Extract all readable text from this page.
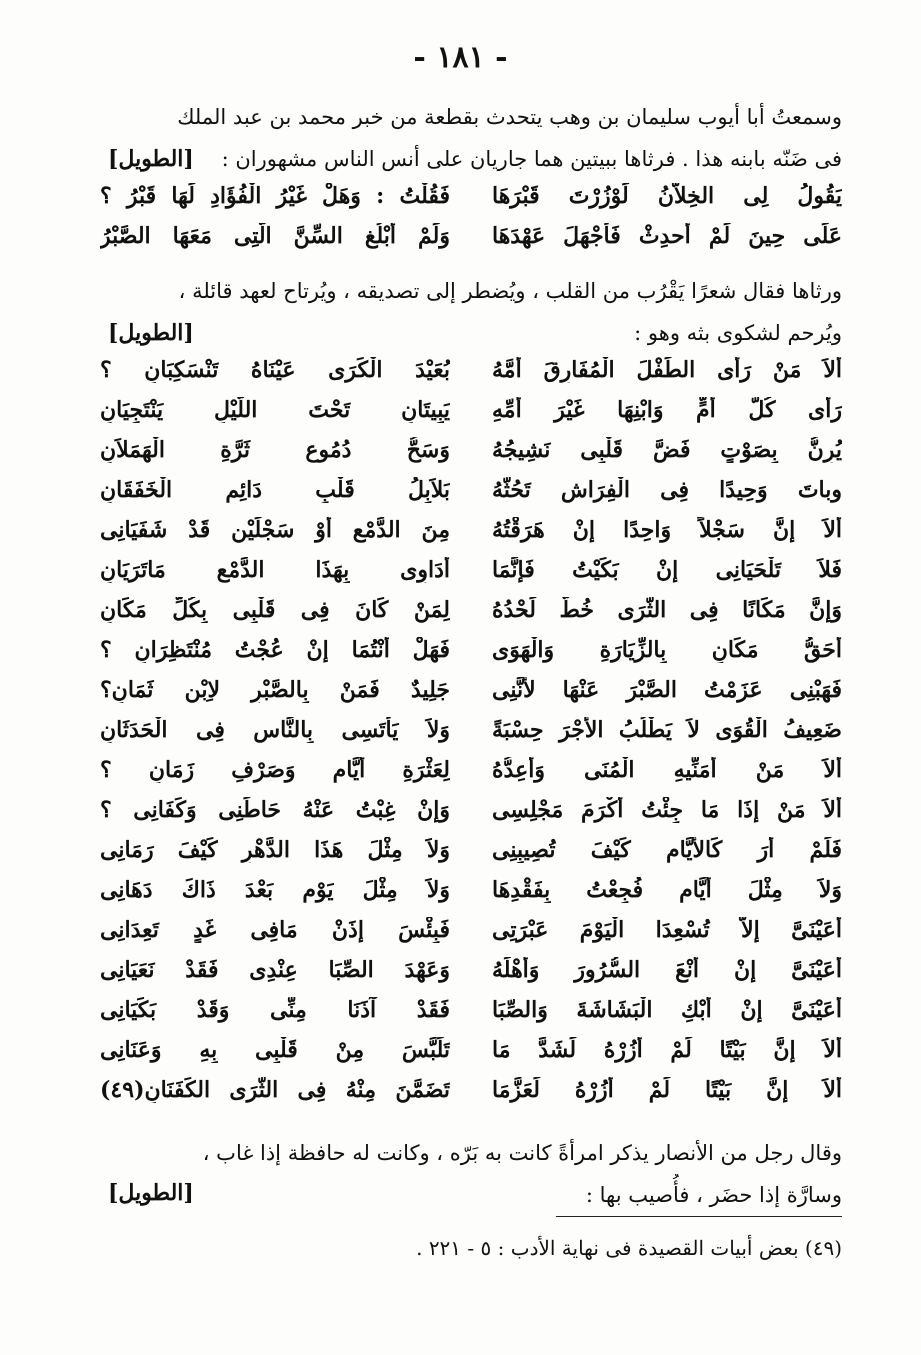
- ١٨١ -
وسمعتُ أبا أيوب سليمان بن وهب يتحدث بقطعة من خبر محمد بن عبد الملك
فى ضَنّه بابنه هذا . فرثاها ببيتين هما جاريان على أنس الناس مشهوران :
[الطويل]
يَقُولُ لِى الخِلاّنُ لَوْزُرْتَ قَبْرَهَا
فَقُلْتُ : وَهَلْ غَيْرُ الْفُؤَادِ لَهَا قَبْرُ ؟
عَلَى حِينَ لَمْ أُحدِثْ فَأَجْهَلَ عَهْدَهَا
وَلَمْ أَبْلُغِ السِّنَّ الَّتِى مَعَهَا الصَّبْرُ
ورثاها فقال شعرًا يَقْرُب من القلب ، ويُضطر إلى تصديقه ، ويُرتاح لعهد قائلة ،
ويُرحم لشكوى بثه وهو :
[الطويل]
أَلاَ مَنْ رَأَى الطِّفْلَ الْمُفَارِقَ أُمَّهُ
بُعَيْدَ الْكَرَى عَيْنَاهُ تَنْسَكِبَانِ ؟
رَأَى كُلَّ أُمٍّ وَابْنِهَا غَيْرَ أُمِّهِ
يَبِيتَانِ تَحْتَ اللَّيْلِ يَنْتَجِيَانِ
يُرِنُّ بِصَوْتٍ فَضَّ قَلْبِى نَشِيجُهُ
وَسَحُّ دُمُوعٍ ثَرَّةِ الْهَمَلاَنِ
وباتَ وَحِيدًا فِى الْفِرَاشِ تَحُثُّهُ
بَلاَبِلُ قَلْبٍ دَائِمِ الْخَفَقَانِ
أَلاَ إِنَّ سَجْلاً وَاحِدًا إِنْ هَرَقْتُهُ
مِنَ الدَّمْعِ أَوْ سَجْلَيْنِ قَدْ شَفَيَانِى
فَلاَ تَلْحَيَانِى إِنْ بَكَيْتُ فَإِنَّمَا
أُدَاوِى بِهَذَا الدَّمْعِ مَاتَرَيَانِ
وَإِنَّ مَكَانًا فِى الثَّرَى خُطَّ لَحْدُهُ
لِمَنْ كَانَ فِى قَلْبِى بِكُلِّ مَكَانِ
أَحَقُّ مَكَانٍ بِالزِّيَارَةِ وَالْهَوَى
فَهَلْ أَنْتُمَا إِنْ عُجْتُ مُنْتَظِرَانِ ؟
فَهَبْنِى عَزَمْتُ الصَّبْرَ عَنْهَا لأَنَّنِى
جَلِيدٌ فَمَنْ بِالصَّبْرِ لاِبْنِ ثَمَانِ؟
ضَعِيفُ الْقُوَى لاَ يَطْلُبُ الأَجْرَ حِسْبَةً
وَلاَ يَأْتَسِى بِالنَّاسِ فِى الْحَدَثَانِ
أَلاَ مَنْ أُمَنِّيهِ الْمُنَى وَأُعِدُّهُ
لِعَثْرَةِ أَيَّامٍ وَصَرْفِ زَمَانِ ؟
أَلاَ مَنْ إِذَا مَا جِئْتُ أَكْرَمَ مَجْلِسِى
وَإِنْ غِبْتُ عَنْهُ حَاطَنِى وَكَفَانِى ؟
فَلَمْ أَرَ كَالأَيَّامِ كَيْفَ تُصِيبِنِى
وَلاَ مِثْلَ هَذَا الدَّهْرِ كَيْفَ رَمَانِى
وَلاَ مِثْلَ أَيَّامٍ فُجِعْتُ بِفَقْدِهَا
وَلاَ مِثْلَ يَوْمٍ بَعْدَ ذَاكَ دَهَانِى
أَعَيْنَىَّ إِلاَّ تُسْعِدَا الْيَوْمَ عَبْرَتِى
فَبِئْسَ إِذَنْ مَافِى غَدٍ تَعِدَانِى
أَعَيْنَىَّ إِنْ أَنْعَ السُّرُورَ وَأَهْلَهُ
وَعَهْدَ الصِّبَا عِنْدِى فَقَدْ نَعَيَانِى
أَعَيْنَىَّ إِنْ أَبْكِ الْبَشَاشَةَ وَالصِّبَا
فَقَدْ آذَنَا مِنِّى وَقَدْ بَكَيَانِى
أَلاَ إِنَّ بَيْتًا لَمْ أَزُرْهُ لَشَدَّ مَا
تَلَبَّسَ مِنْ قَلْبِى بِهِ وَعَنَانِى
أَلاَ إِنَّ بَيْتًا لَمْ أَزُرْهُ لَعَزَّمَا
تَضَمَّنَ مِنْهُ فِى الثَّرَى الكَفَنَانِ(٤٩)
وقال رجل من الأنصار يذكر امرأةً كانت به بَرّه ، وكانت له حافظة إذا غاب ،
وسارَّة إذا حضَر ، فأُصيب بها :
[الطويل]
(٤٩) بعض أبيات القصيدة فى نهاية الأدب : ٥ - ٢٢١ .
